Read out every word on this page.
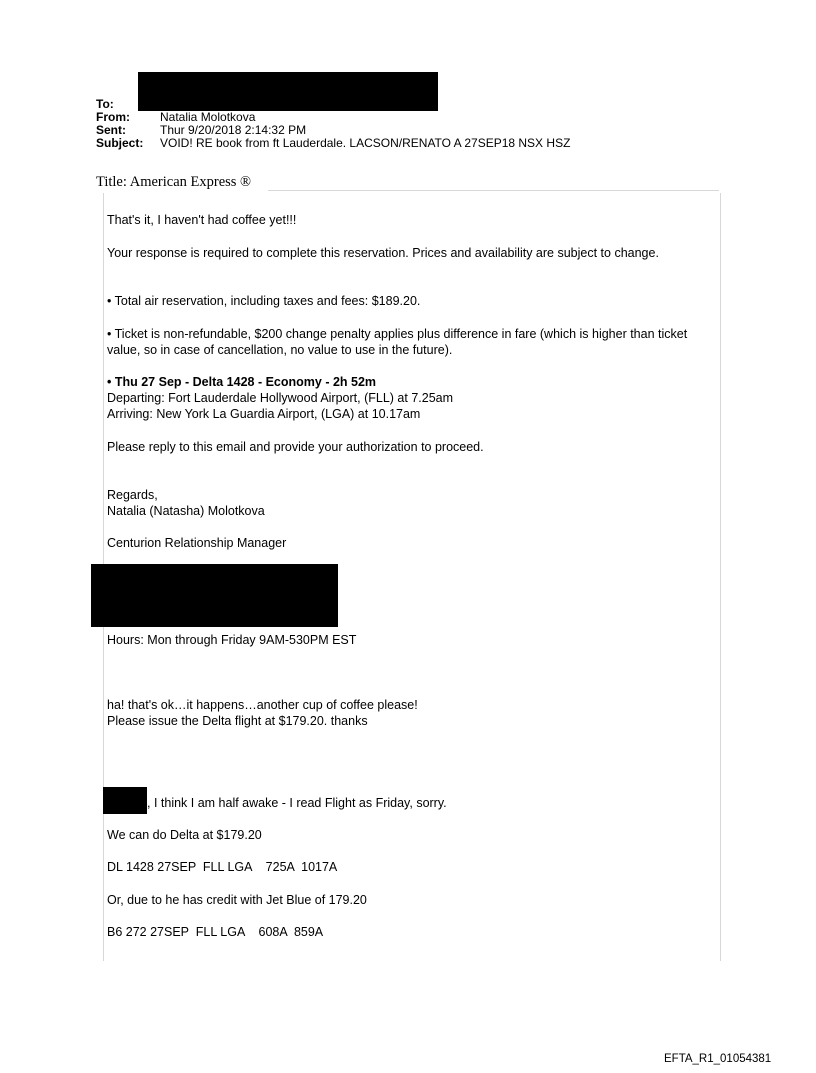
To:
From:	Natalia Molotkova
Sent:	Thur 9/20/2018 2:14:32 PM
Subject:	VOID! RE book from ft Lauderdale. LACSON/RENATO A 27SEP18 NSX HSZ
Title: American Express ®

That's it, I haven't had coffee yet!!!

Your response is required to complete this reservation. Prices and availability are subject to change.

• Total air reservation, including taxes and fees: $189.20.

• Ticket is non-refundable, $200 change penalty applies plus difference in fare (which is higher than ticket value, so in case of cancellation, no value to use in the future).

• Thu 27 Sep - Delta 1428 - Economy - 2h 52m

Departing: Fort Lauderdale Hollywood Airport, (FLL) at 7.25am

Arriving: New York La Guardia Airport, (LGA) at 10.17am

Please reply to this email and provide your authorization to proceed.

Regards,

Natalia (Natasha) Molotkova

Centurion Relationship Manager

Hours: Mon through Friday 9AM-530PM EST

ha! that's ok…it happens…another cup of coffee please!

Please issue the Delta flight at $179.20. thanks

, I think I am half awake - I read Flight as Friday, sorry.

We can do Delta at $179.20

DL 1428 27SEP  FLL LGA    725A  1017A

Or, due to he has credit with Jet Blue of 179.20

B6 272 27SEP  FLL LGA    608A  859A

EFTA_R1_01054381
